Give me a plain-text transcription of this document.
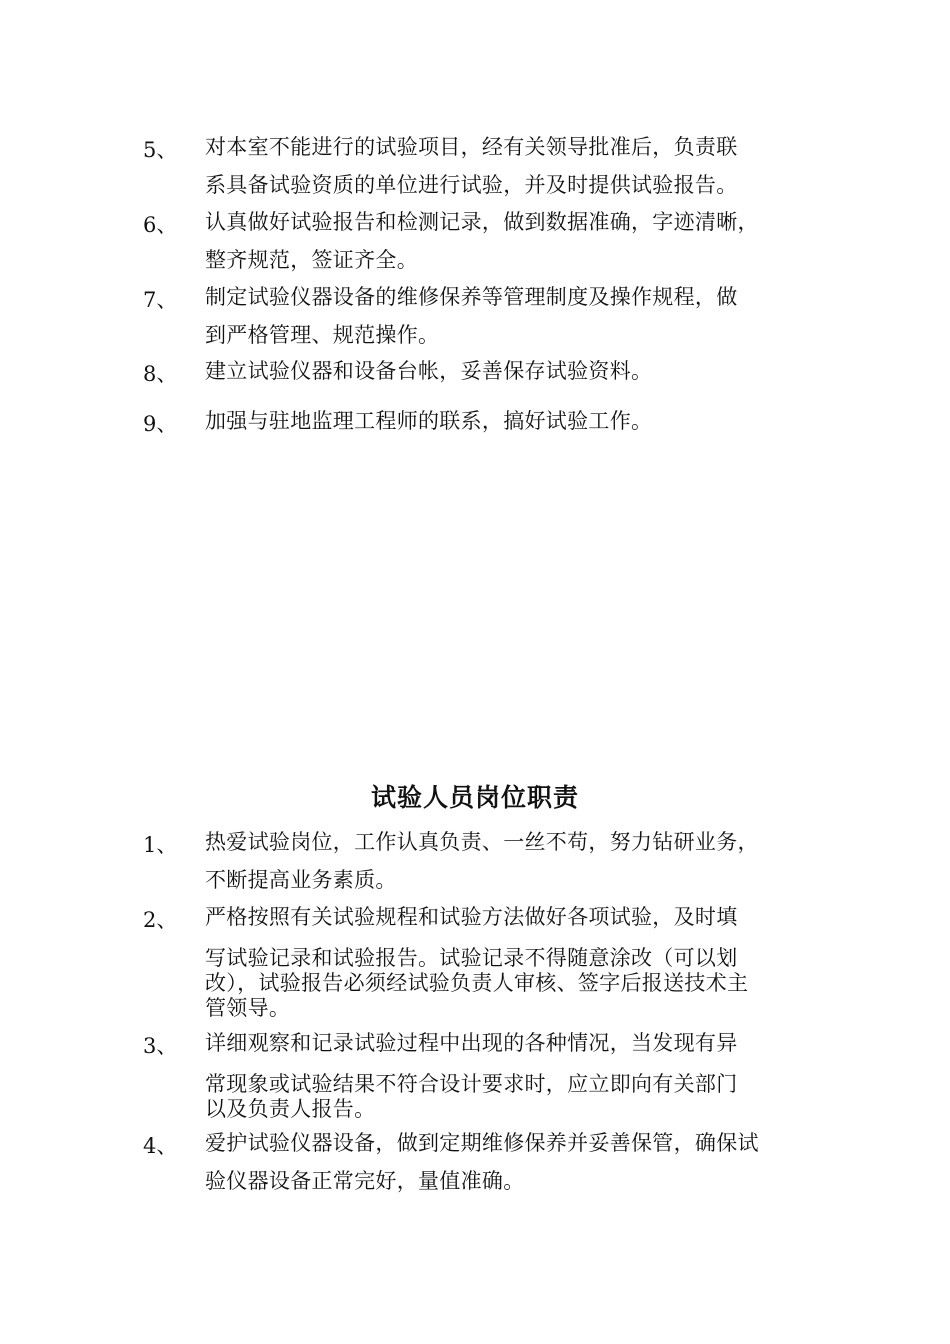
5、 对本室不能进行的试验项目，经有关领导批准后，负责联
系具备试验资质的单位进行试验，并及时提供试验报告。
6、 认真做好试验报告和检测记录，做到数据准确，字迹清晰，
整齐规范，签证齐全。
7、 制定试验仪器设备的维修保养等管理制度及操作规程，做
到严格管理、规范操作。
8、 建立试验仪器和设备台帐，妥善保存试验资料。
9、 加强与驻地监理工程师的联系，搞好试验工作。
试验人员岗位职责
1、 热爱试验岗位，工作认真负责、一丝不苟，努力钻研业务，
不断提高业务素质。
2、 严格按照有关试验规程和试验方法做好各项试验，及时填
写试验记录和试验报告。试验记录不得随意涂改（可以划
改），试验报告必须经试验负责人审核、签字后报送技术主
管领导。
3、 详细观察和记录试验过程中出现的各种情况，当发现有异
常现象或试验结果不符合设计要求时，应立即向有关部门
以及负责人报告。
4、 爱护试验仪器设备，做到定期维修保养并妥善保管，确保试
验仪器设备正常完好，量值准确。
